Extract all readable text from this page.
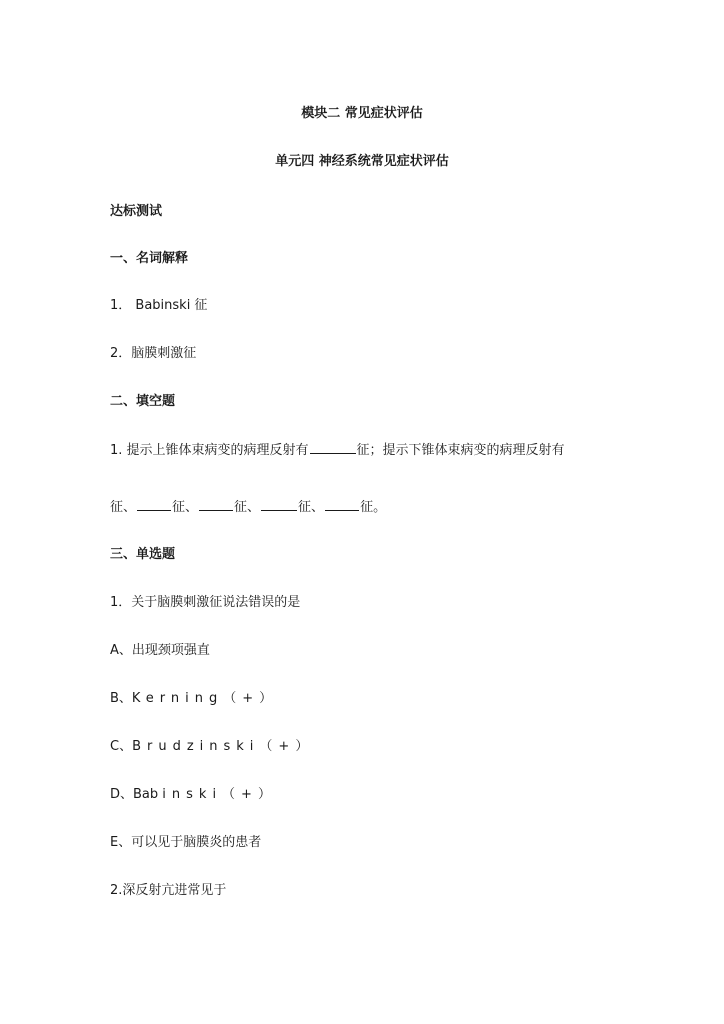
模块二 常见症状评估
单元四 神经系统常见症状评估
达标测试
一、名词解释
1． Babinski 征
2．脑膜刺激征
二、填空题
1. 提示上锥体束病变的病理反射有	征；提示下锥体束病变的病理反射有
征、	征、	征、	征、	征。
三、单选题
1．关于脑膜刺激征说法错误的是
A、出现颈项强直
B、Kerning（+）
C、Brudzinski（+）
D、Bab inski（+）
E、可以见于脑膜炎的患者
2.深反射亢进常见于
